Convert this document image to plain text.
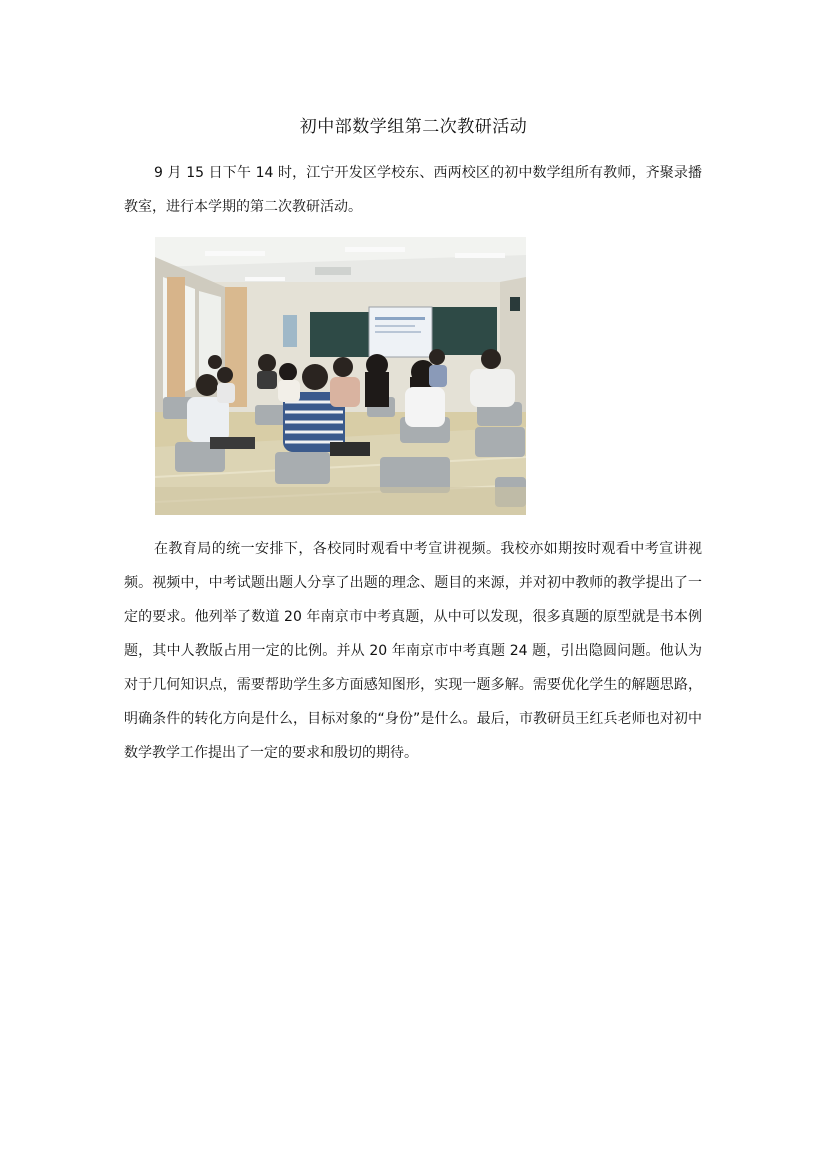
初中部数学组第二次教研活动

9 月 15 日下午 14 时，江宁开发区学校东、西两校区的初中数学组所有教师，齐聚录播教室，进行本学期的第二次教研活动。

在教育局的统一安排下，各校同时观看中考宣讲视频。我校亦如期按时观看中考宣讲视频。视频中，中考试题出题人分享了出题的理念、题目的来源，并对初中教师的教学提出了一定的要求。他列举了数道 20 年南京市中考真题，从中可以发现，很多真题的原型就是书本例题，其中人教版占用一定的比例。并从 20 年南京市中考真题 24 题，引出隐圆问题。他认为对于几何知识点，需要帮助学生多方面感知图形，实现一题多解。需要优化学生的解题思路，明确条件的转化方向是什么，目标对象的“身份”是什么。最后，市教研员王红兵老师也对初中数学教学工作提出了一定的要求和殷切的期待。
